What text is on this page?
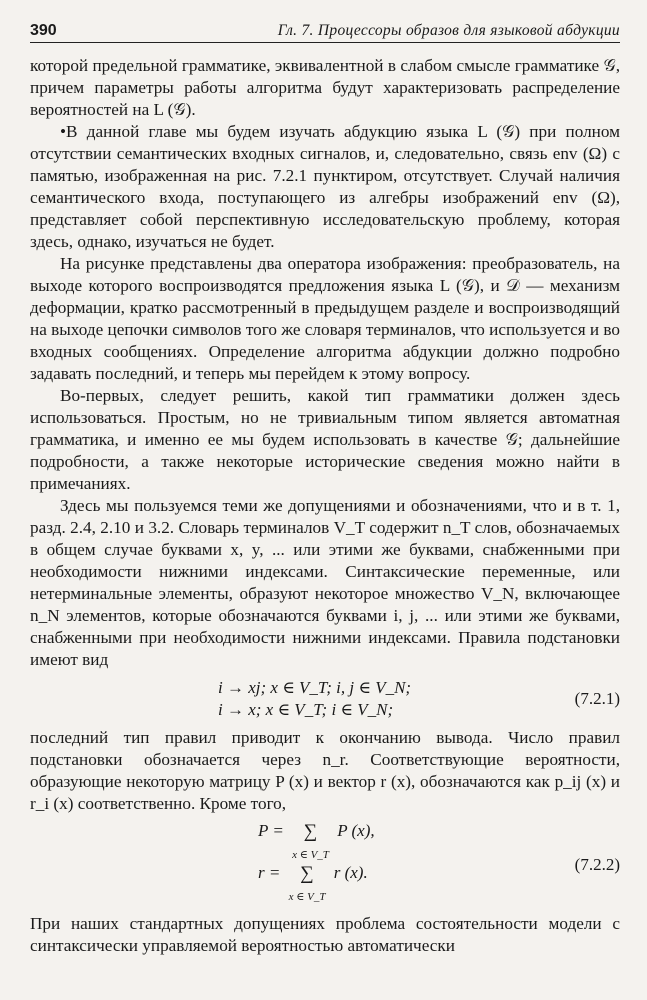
390	Гл. 7. Процессоры образов для языковой абдукции

которой предельной грамматике, эквивалентной в слабом смысле грамматике 𝒢, причем параметры работы алгоритма будут характеризовать распределение вероятностей на L (𝒢).

•В данной главе мы будем изучать абдукцию языка L (𝒢) при полном отсутствии семантических входных сигналов, и, следовательно, связь env (Ω) с памятью, изображенная на рис. 7.2.1 пунктиром, отсутствует. Случай наличия семантического входа, поступающего из алгебры изображений env (Ω), представляет собой перспективную исследовательскую проблему, которая здесь, однако, изучаться не будет.

На рисунке представлены два оператора изображения: преобразователь, на выходе которого воспроизводятся предложения языка L (𝒢), и 𝒟 — механизм деформации, кратко рассмотренный в предыдущем разделе и воспроизводящий на выходе цепочки символов того же словаря терминалов, что используется и во входных сообщениях. Определение алгоритма абдукции должно подробно задавать последний, и теперь мы перейдем к этому вопросу.

Во-первых, следует решить, какой тип грамматики должен здесь использоваться. Простым, но не тривиальным типом является автоматная грамматика, и именно ее мы будем использовать в качестве 𝒢; дальнейшие подробности, а также некоторые исторические сведения можно найти в примечаниях.

Здесь мы пользуемся теми же допущениями и обозначениями, что и в т. 1, разд. 2.4, 2.10 и 3.2. Словарь терминалов V_T содержит n_T слов, обозначаемых в общем случае буквами x, y, ... или этими же буквами, снабженными при необходимости нижними индексами. Синтаксические переменные, или нетерминальные элементы, образуют некоторое множество V_N, включающее n_N элементов, которые обозначаются буквами i, j, ... или этими же буквами, снабженными при необходимости нижними индексами. Правила подстановки имеют вид

i → xj; x ∈ V_T; i, j ∈ V_N;
i → x; x ∈ V_T; i ∈ V_N;
(7.2.1)

последний тип правил приводит к окончанию вывода. Число правил подстановки обозначается через n_r. Соответствующие вероятности, образующие некоторую матрицу P (x) и вектор r (x), обозначаются как p_ij (x) и r_i (x) соответственно. Кроме того,

P = ∑
x ∈ V_T P (x),
r = ∑
x ∈ V_T r (x).	(7.2.2)

При наших стандартных допущениях проблема состоятельности модели с синтаксически управляемой вероятностью автоматически
